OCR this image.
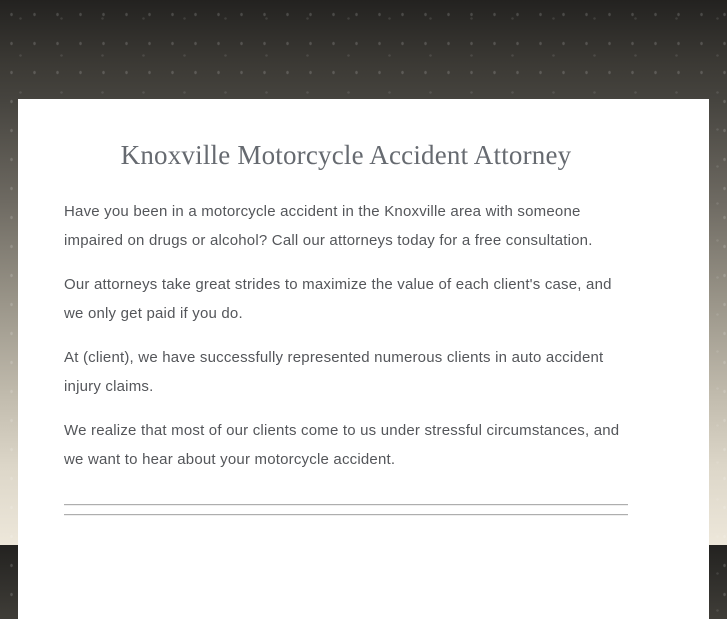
Knoxville Motorcycle Accident Attorney

Have you been in a motorcycle accident in the Knoxville area with someone impaired on drugs or alcohol? Call our attorneys today for a free consultation.

Our attorneys take great strides to maximize the value of each client's case, and we only get paid if you do.

At (client), we have successfully represented numerous clients in auto accident injury claims.

We realize that most of our clients come to us under stressful circumstances, and we want to hear about your motorcycle accident.
